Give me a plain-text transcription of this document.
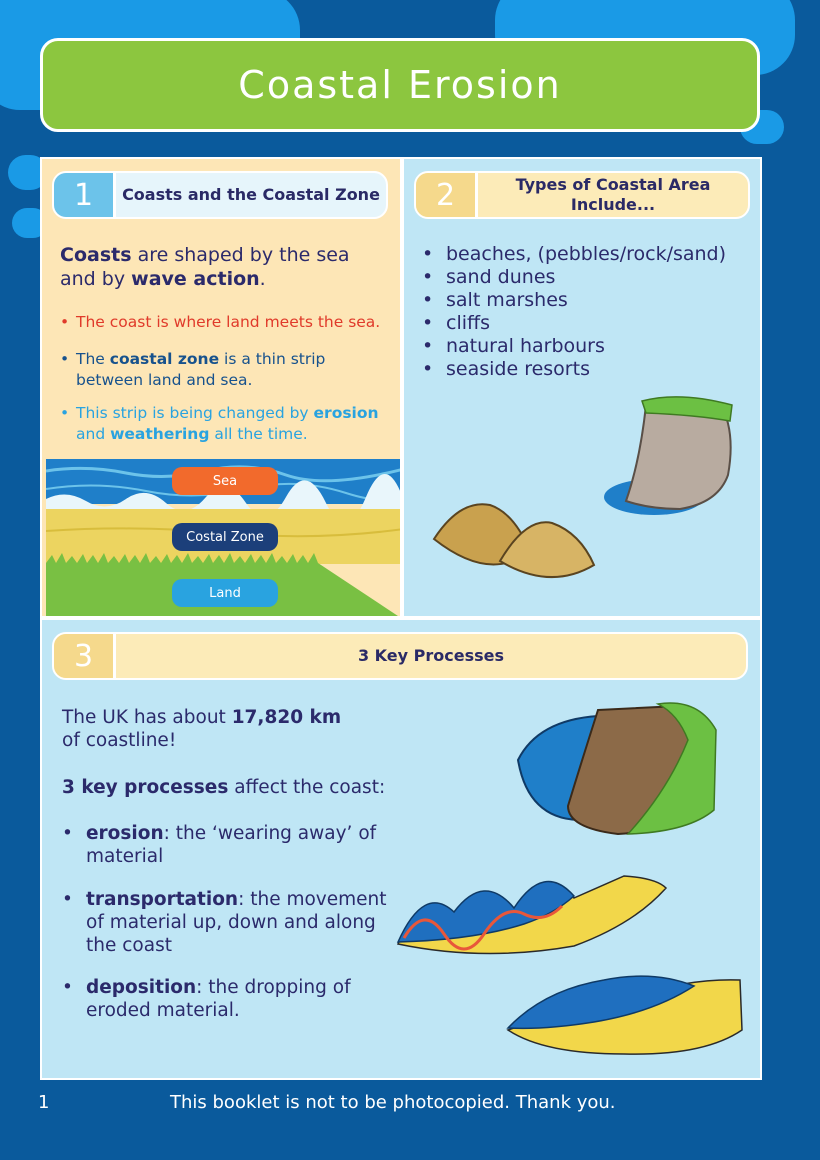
Coastal Erosion
1	Coasts and the Coastal Zone
Coasts are shaped by the sea and by wave action.
• The coast is where land meets the sea.
• The coastal zone is a thin strip between land and sea.
• This strip is being changed by erosion and weathering all the time.
Sea
Costal Zone
Land
2	Types of Coastal Area Include...
• beaches, (pebbles/rock/sand)
• sand dunes
• salt marshes
• cliffs
• natural harbours
• seaside resorts
3	3 Key Processes
The UK has about 17,820 km of coastline!
3 key processes affect the coast:
• erosion: the ‘wearing away’ of material
• transportation: the movement of material up, down and along the coast
• deposition: the dropping of eroded material.
1	This booklet is not to be photocopied. Thank you.
